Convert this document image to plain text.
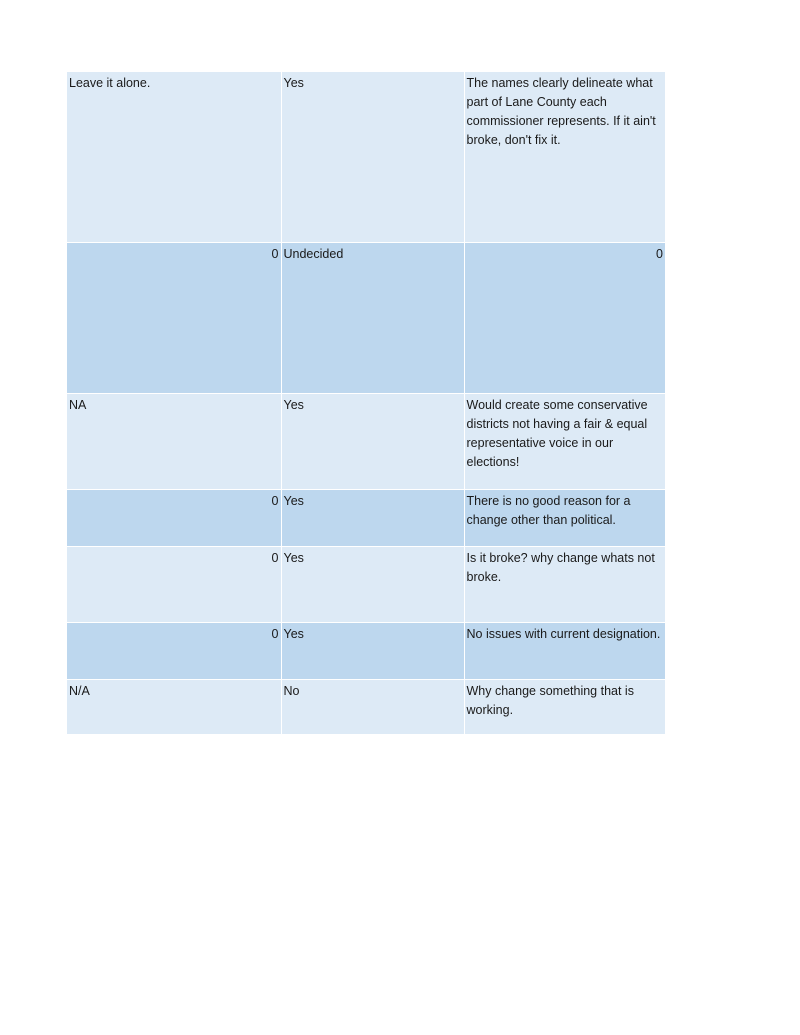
Leave it alone.	Yes	The names clearly delineate what part of Lane County each commissioner represents. If it ain't broke, don't fix it.
0	Undecided	0
NA	Yes	Would create some conservative districts not having a fair & equal representative voice in our elections!
0	Yes	There is no good reason for a change other than political.
0	Yes	Is it broke? why change whats not broke.
0	Yes	No issues with current designation.
N/A	No	Why change something that is working.
